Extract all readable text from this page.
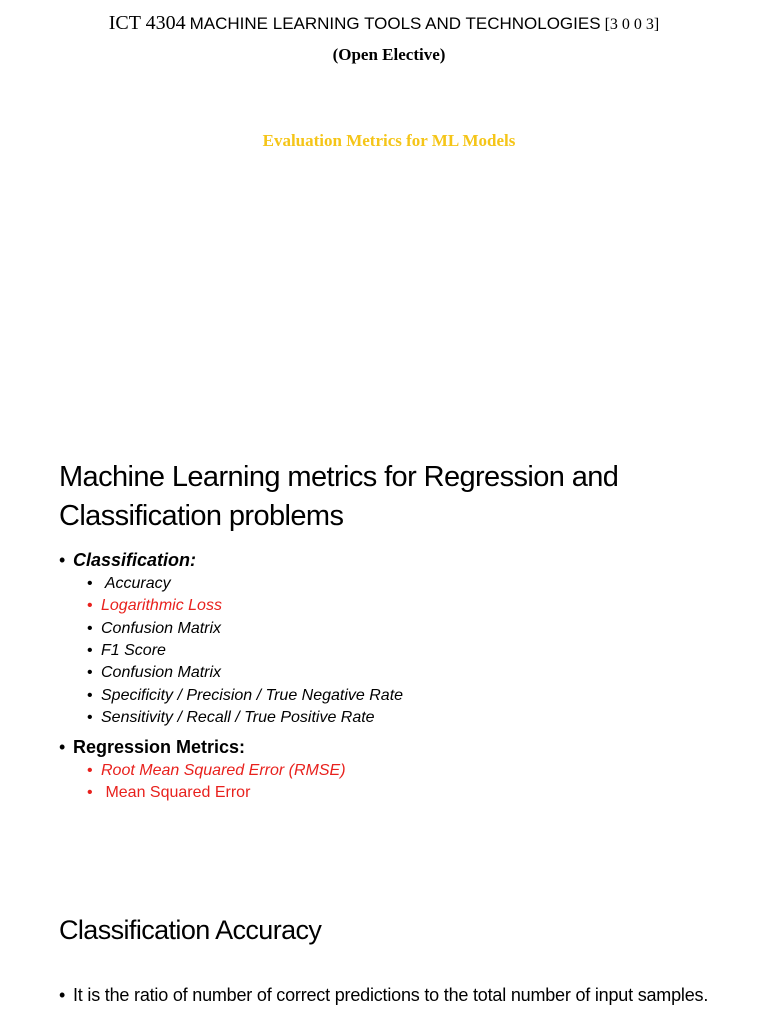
ICT 4304 MACHINE LEARNING TOOLS AND TECHNOLOGIES [3 0 0 3]
(Open Elective)
Evaluation Metrics for ML Models
Machine Learning metrics for Regression and Classification problems
• Classification:
• Accuracy
• Logarithmic Loss
• Confusion Matrix
• F1 Score
• Confusion Matrix
• Specificity / Precision / True Negative Rate
• Sensitivity / Recall / True Positive Rate
• Regression Metrics:
• Root Mean Squared Error (RMSE)
• Mean Squared Error
Classification Accuracy
• It is the ratio of number of correct predictions to the total number of input samples.
